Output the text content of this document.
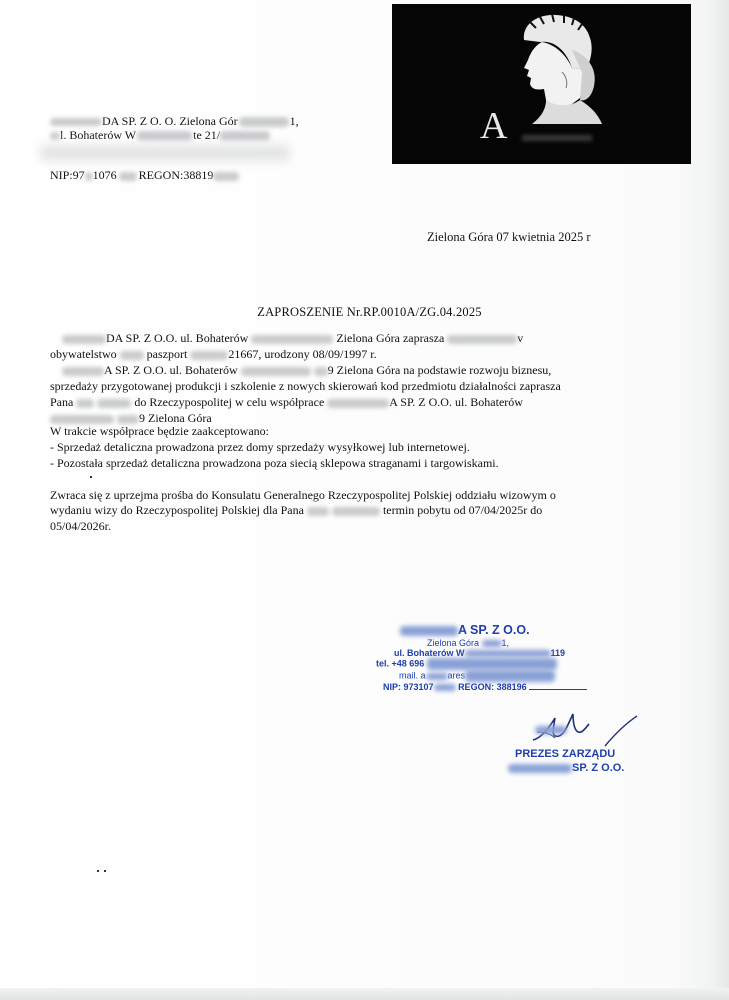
DA SP. Z O. O. Zielona Gór	1,
l. Bohaterów W	te 21/
NIP:97 1076 REGON:38819
A	sp. z o.o.
Zielona Góra 07 kwietnia 2025 r
ZAPROSZENIE Nr.RP.0010A/ZG.04.2025
DA SP. Z O.O. ul. Bohaterów	Zielona Góra zaprasza	v
obywatelstwo	paszport	21667, urodzony 08/09/1997 r.
A SP. Z O.O. ul. Bohaterów	9 Zielona Góra na podstawie rozwoju biznesu,
sprzedaży przygotowanej produkcji i szkolenie z nowych skierowań kod przedmiotu działalności zaprasza
Pana	do Rzeczypospolitej w celu współprace	A SP. Z O.O. ul. Bohaterów
9 Zielona Góra
W trakcie współprace będzie zaakceptowano:
- Sprzedaż detaliczna prowadzona przez domy sprzedaży wysyłkowej lub internetowej.
- Pozostała sprzedaż detaliczna prowadzona poza siecią sklepowa straganami i targowiskami.
Zwraca się z uprzejma prośba do Konsulatu Generalnego Rzeczypospolitej Polskiej oddziału wizowym o
wydaniu wizy do Rzeczypospolitej Polskiej dla Pana	termin pobytu od 07/04/2025r do
05/04/2026r.
A SP. Z O.O.
Zielona Góra	1,
ul. Bohaterów W	119
tel. +48 696
mail. a ares
NIP: 973107	REGON: 388196
PREZES ZARZĄDU
SP. Z O.O.
